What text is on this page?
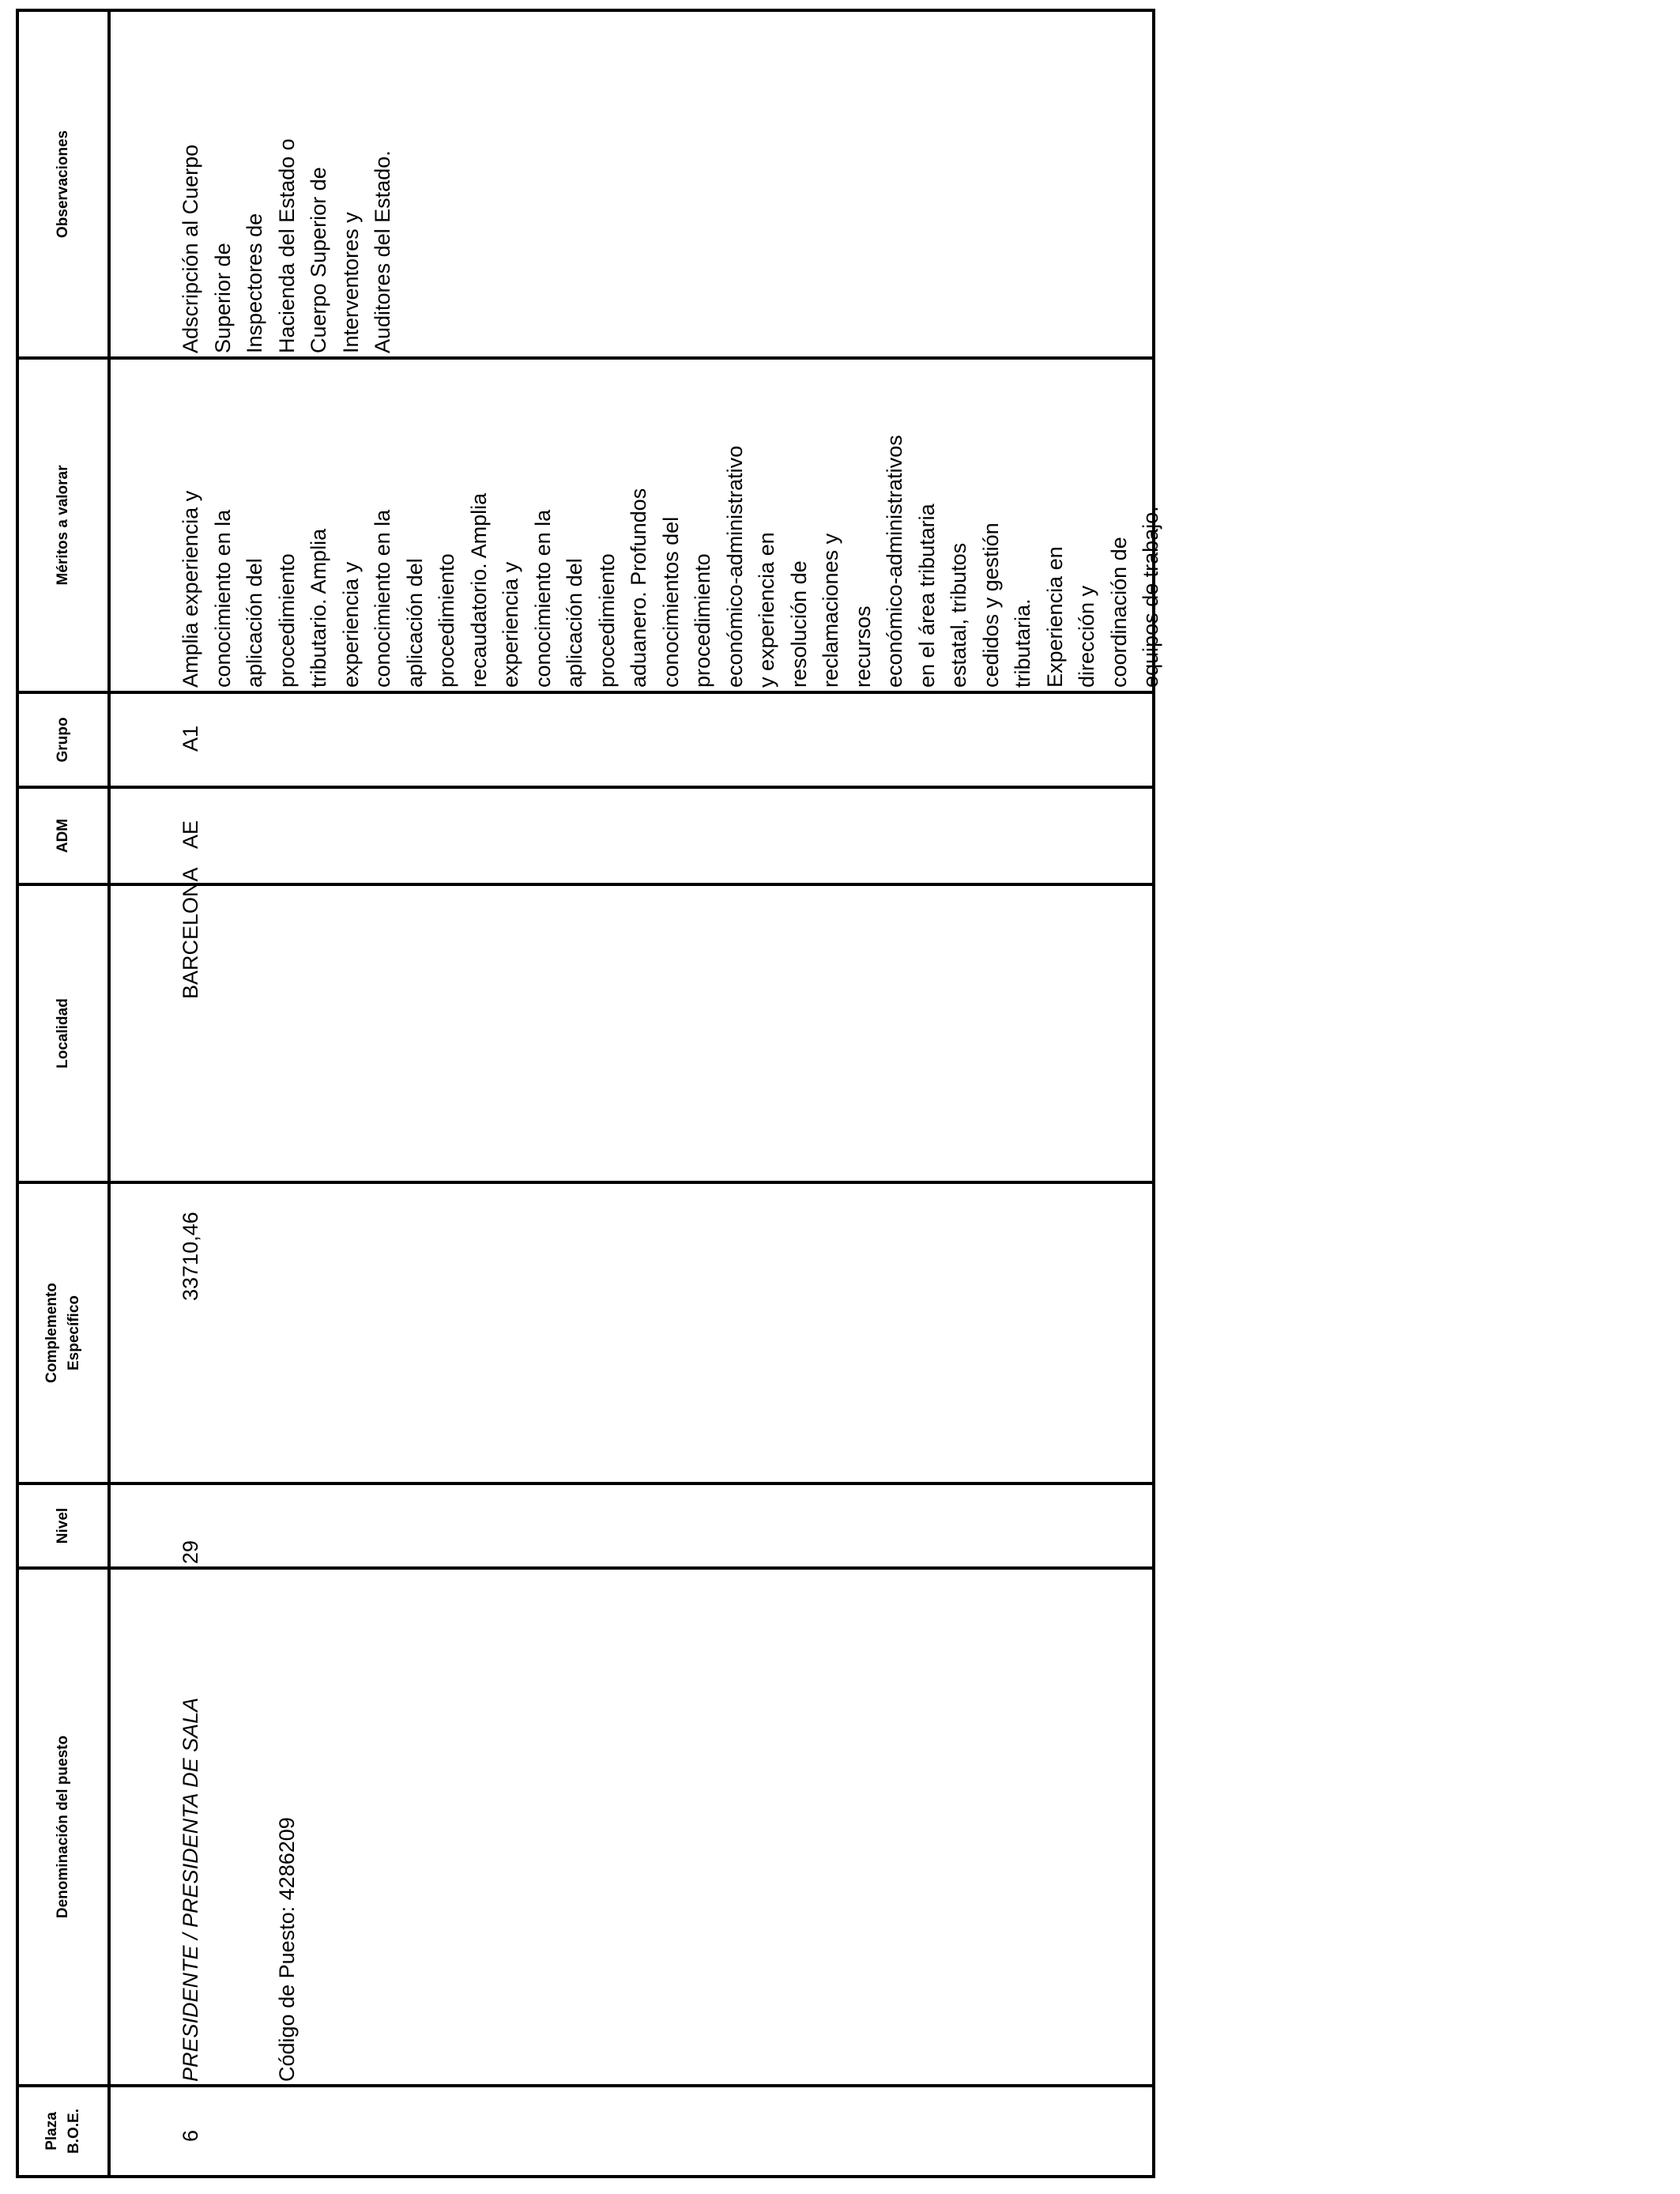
Plaza B.O.E.
Denominación del puesto
Nivel
Complemento Específico
Localidad
ADM
Grupo
Méritos a valorar
Observaciones

6

PRESIDENTE / PRESIDENTA DE SALA

	Código de Puesto: 4286209

29

33710,46

BARCELONA

AE

A1

Amplia experiencia y conocimiento en la aplicación del procedimiento tributario. Amplia experiencia y conocimiento en la aplicación del procedimiento recaudatorio. Amplia experiencia y conocimiento en la aplicación del procedimiento aduanero. Profundos conocimientos del procedimiento económico-administrativo y experiencia en resolución de reclamaciones y recursos económico-administrativos en el área tributaria estatal, tributos cedidos y gestión tributaria. Experiencia en dirección y coordinación de equipos de trabajo.

Adscripción al Cuerpo Superior de Inspectores de Hacienda del Estado o Cuerpo Superior de Interventores y Auditores del Estado.
